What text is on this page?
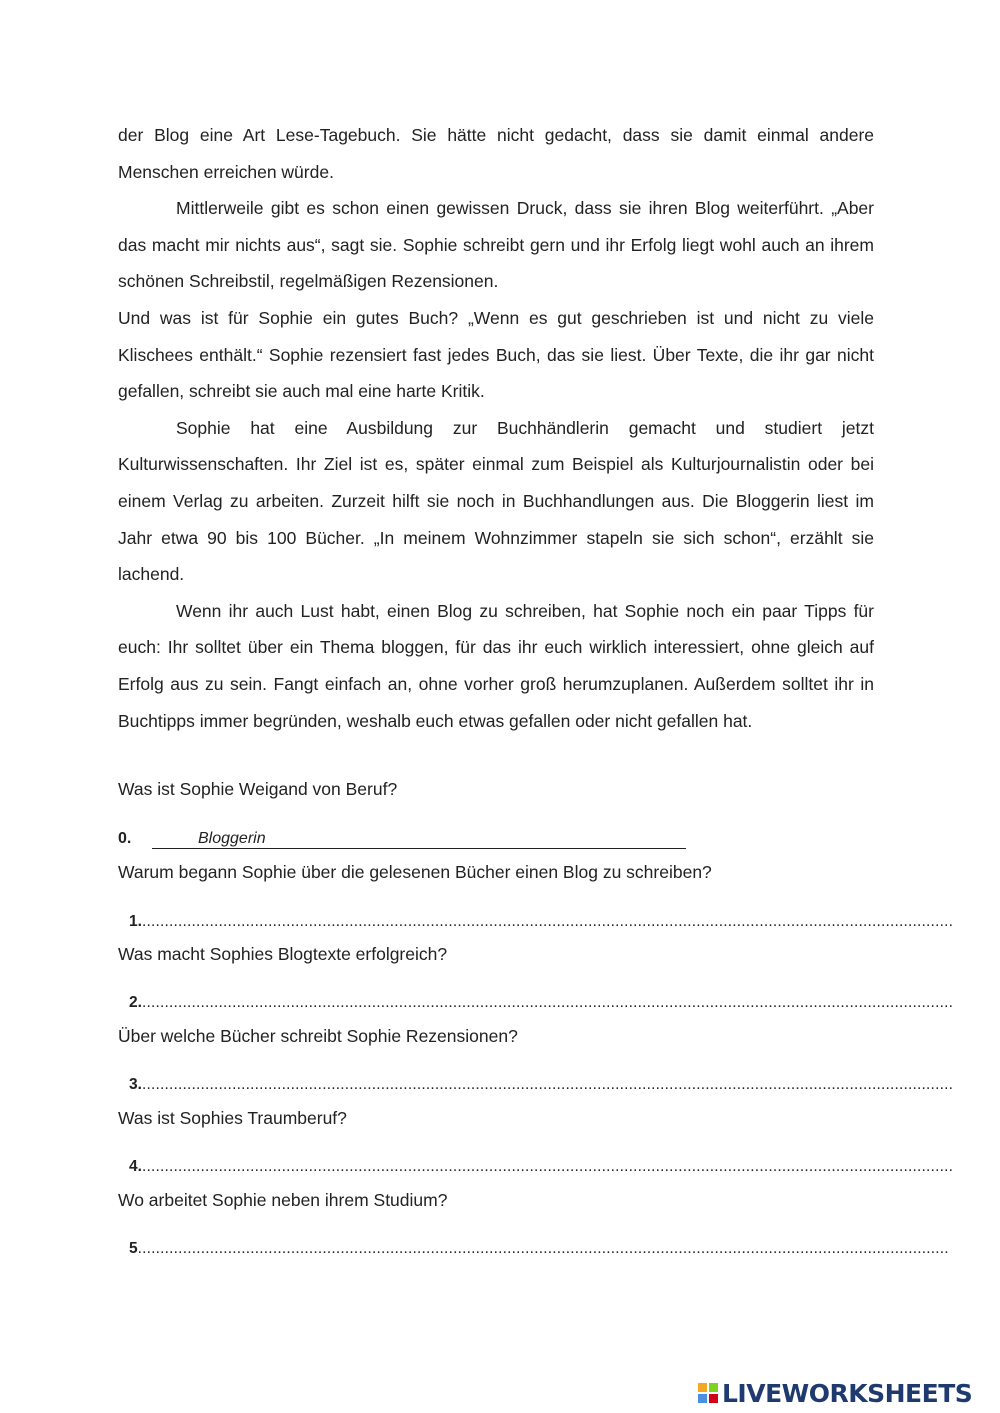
der Blog eine Art Lese-Tagebuch. Sie hätte nicht gedacht, dass sie damit einmal andere Menschen erreichen würde.

Mittlerweile gibt es schon einen gewissen Druck, dass sie ihren Blog weiterführt. „Aber das macht mir nichts aus“, sagt sie. Sophie schreibt gern und ihr Erfolg liegt wohl auch an ihrem schönen Schreibstil, regelmäßigen Rezensionen.

Und was ist für Sophie ein gutes Buch? „Wenn es gut geschrieben ist und nicht zu viele Klischees enthält.“ Sophie rezensiert fast jedes Buch, das sie liest. Über Texte, die ihr gar nicht gefallen, schreibt sie auch mal eine harte Kritik.

Sophie hat eine Ausbildung zur Buchhändlerin gemacht und studiert jetzt Kulturwissenschaften. Ihr Ziel ist es, später einmal zum Beispiel als Kulturjournalistin oder bei einem Verlag zu arbeiten. Zurzeit hilft sie noch in Buchhandlungen aus. Die Bloggerin liest im Jahr etwa 90 bis 100 Bücher. „In meinem Wohnzimmer stapeln sie sich schon“, erzählt sie lachend.

Wenn ihr auch Lust habt, einen Blog zu schreiben, hat Sophie noch ein paar Tipps für euch: Ihr solltet über ein Thema bloggen, für das ihr euch wirklich interessiert, ohne gleich auf Erfolg aus zu sein. Fangt einfach an, ohne vorher groß herumzuplanen. Außerdem solltet ihr in Buchtipps immer begründen, weshalb euch etwas gefallen oder nicht gefallen hat.

Was ist Sophie Weigand von Beruf?
0.	Bloggerin
Warum begann Sophie über die gelesenen Bücher einen Blog zu schreiben?
1.....................................................................................................................................................................................
Was macht Sophies Blogtexte erfolgreich?
2.....................................................................................................................................................................................
Über welche Bücher schreibt Sophie Rezensionen?
3.....................................................................................................................................................................................
Was ist Sophies Traumberuf?
4.....................................................................................................................................................................................
Wo arbeitet Sophie neben ihrem Studium?
5....................................................................................................................................................................................
LIVEWORKSHEETS
